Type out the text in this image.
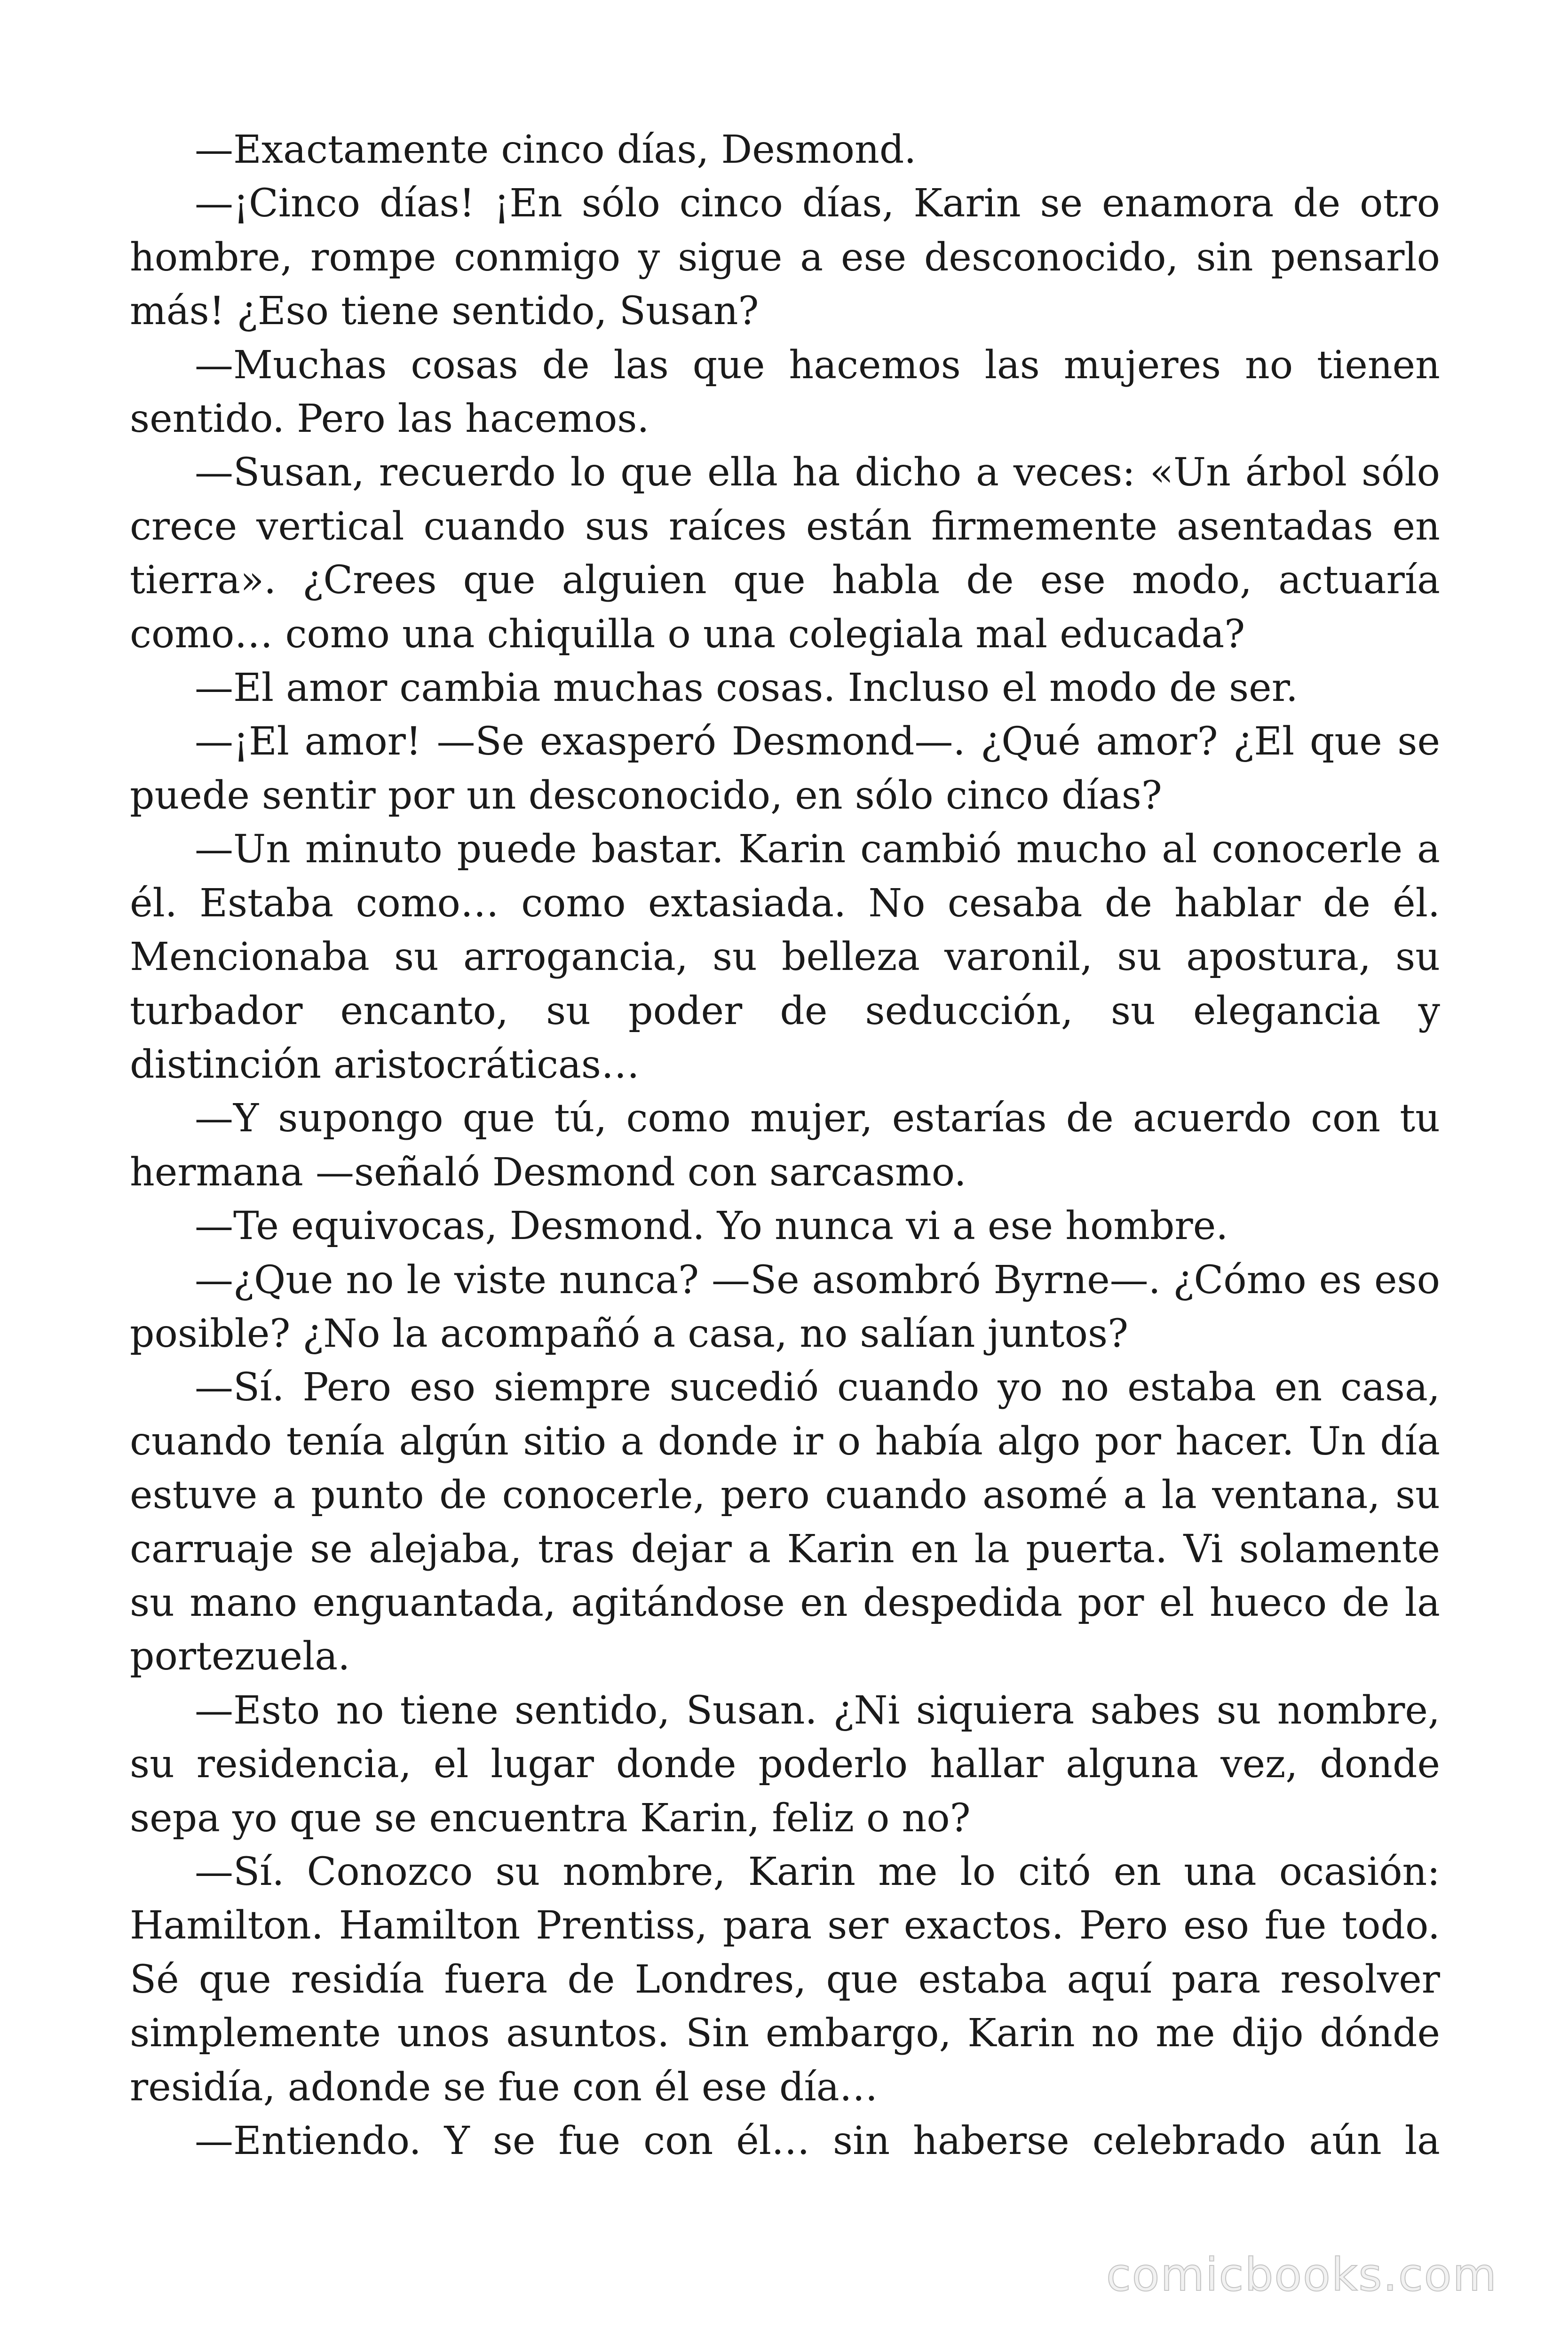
—Exactamente cinco días, Desmond.

—¡Cinco días! ¡En sólo cinco días, Karin se enamora de otro hombre, rompe conmigo y sigue a ese desconocido, sin pensarlo más! ¿Eso tiene sentido, Susan?

—Muchas cosas de las que hacemos las mujeres no tienen sentido. Pero las hacemos.

—Susan, recuerdo lo que ella ha dicho a veces: «Un árbol sólo crece vertical cuando sus raíces están firmemente asentadas en tierra». ¿Crees que alguien que habla de ese modo, actuaría como… como una chiquilla o una colegiala mal educada?

—El amor cambia muchas cosas. Incluso el modo de ser.

—¡El amor! —Se exasperó Desmond—. ¿Qué amor? ¿El que se puede sentir por un desconocido, en sólo cinco días?

—Un minuto puede bastar. Karin cambió mucho al conocerle a él. Estaba como… como extasiada. No cesaba de hablar de él. Mencionaba su arrogancia, su belleza varonil, su apostura, su turbador encanto, su poder de seducción, su elegancia y distinción aristocráticas…

—Y supongo que tú, como mujer, estarías de acuerdo con tu hermana —señaló Desmond con sarcasmo.

—Te equivocas, Desmond. Yo nunca vi a ese hombre.

—¿Que no le viste nunca? —Se asombró Byrne—. ¿Cómo es eso posible? ¿No la acompañó a casa, no salían juntos?

—Sí. Pero eso siempre sucedió cuando yo no estaba en casa, cuando tenía algún sitio a donde ir o había algo por hacer. Un día estuve a punto de conocerle, pero cuando asomé a la ventana, su carruaje se alejaba, tras dejar a Karin en la puerta. Vi solamente su mano enguantada, agitándose en despedida por el hueco de la portezuela.

—Esto no tiene sentido, Susan. ¿Ni siquiera sabes su nombre, su residencia, el lugar donde poderlo hallar alguna vez, donde sepa yo que se encuentra Karin, feliz o no?

—Sí. Conozco su nombre, Karin me lo citó en una ocasión: Hamilton. Hamilton Prentiss, para ser exactos. Pero eso fue todo. Sé que residía fuera de Londres, que estaba aquí para resolver simplemente unos asuntos. Sin embargo, Karin no me dijo dónde residía, adonde se fue con él ese día…

—Entiendo. Y se fue con él… sin haberse celebrado aún la

comicbooks.com
